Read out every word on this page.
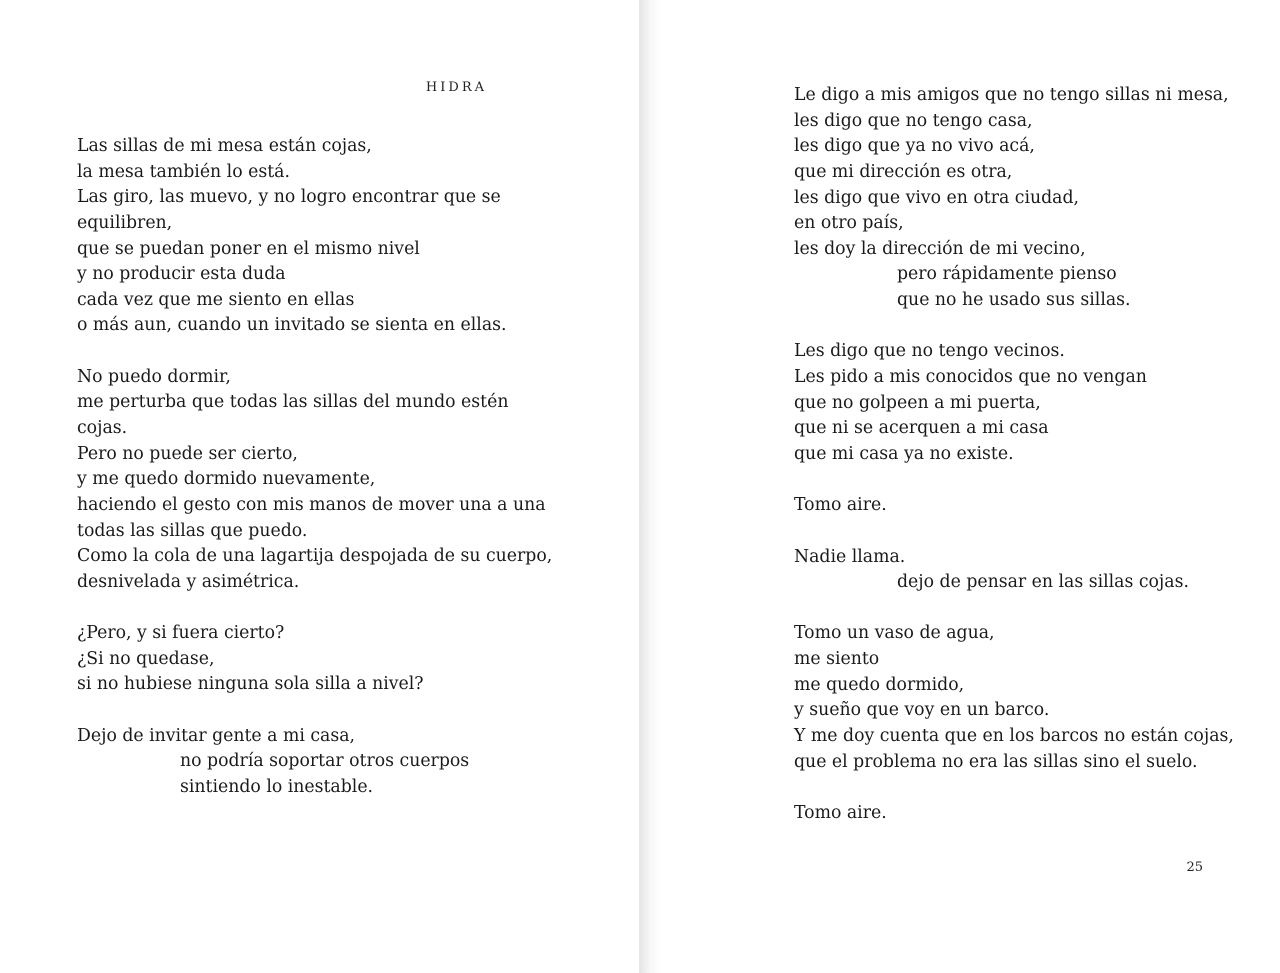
HIDRA
Las sillas de mi mesa están cojas,
la mesa también lo está.
Las giro, las muevo, y no logro encontrar que se
equilibren,
que se puedan poner en el mismo nivel
y no producir esta duda
cada vez que me siento en ellas
o más aun, cuando un invitado se sienta en ellas.
No puedo dormir,
me perturba que todas las sillas del mundo estén
cojas.
Pero no puede ser cierto,
y me quedo dormido nuevamente,
haciendo el gesto con mis manos de mover una a una
todas las sillas que puedo.
Como la cola de una lagartija despojada de su cuerpo,
desnivelada y asimétrica.
¿Pero, y si fuera cierto?
¿Si no quedase,
si no hubiese ninguna sola silla a nivel?
Dejo de invitar gente a mi casa,
no podría soportar otros cuerpos
sintiendo lo inestable.
Le digo a mis amigos que no tengo sillas ni mesa,
les digo que no tengo casa,
les digo que ya no vivo acá,
que mi dirección es otra,
les digo que vivo en otra ciudad,
en otro país,
les doy la dirección de mi vecino,
pero rápidamente pienso
que no he usado sus sillas.
Les digo que no tengo vecinos.
Les pido a mis conocidos que no vengan
que no golpeen a mi puerta,
que ni se acerquen a mi casa
que mi casa ya no existe.
Tomo aire.
Nadie llama.
dejo de pensar en las sillas cojas.
Tomo un vaso de agua,
me siento
me quedo dormido,
y sueño que voy en un barco.
Y me doy cuenta que en los barcos no están cojas,
que el problema no era las sillas sino el suelo.
Tomo aire.
25
